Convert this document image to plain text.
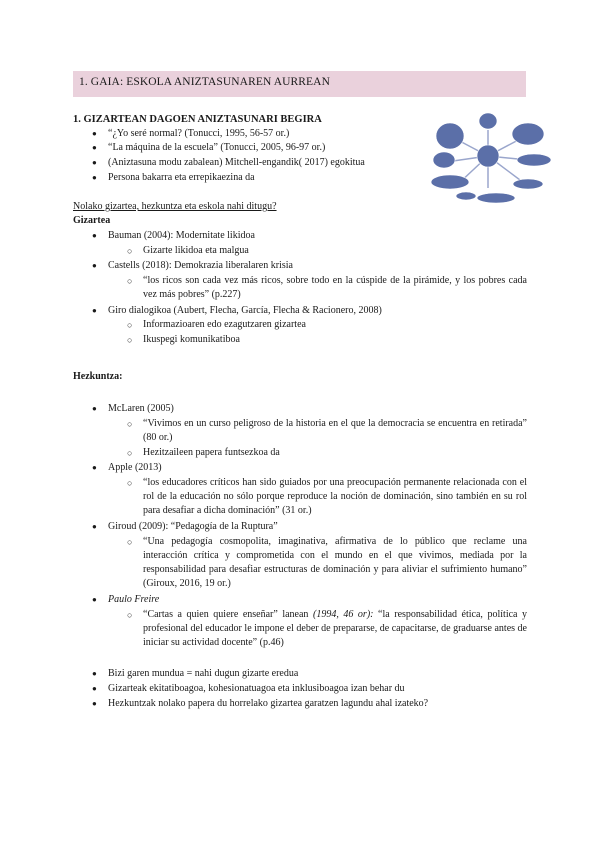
1. GAIA: ESKOLA ANIZTASUNAREN AURREAN
1. GIZARTEAN DAGOEN ANIZTASUNARI BEGIRA
● “¿Yo seré normal? (Tonucci, 1995, 56-57 or.)
● “La máquina de la escuela” (Tonucci, 2005, 96-97 or.)
● (Aniztasuna modu zabalean) Mitchell-engandik( 2017) egokitua
● Persona bakarra eta errepikaezina da
Nolako gizartea, hezkuntza eta eskola nahi ditugu?
Gizartea
● Bauman (2004): Modernitate likidoa
○ Gizarte likidoa eta malgua
● Castells (2018): Demokrazia liberalaren krisia
○ “los ricos son cada vez más ricos, sobre todo en la cúspide de la pirámide, y los pobres cada vez más pobres” (p.227)
● Giro dialogikoa (Aubert, Flecha, García, Flecha & Racionero, 2008)
○ Informazioaren edo ezagutzaren gizartea
○ Ikuspegi komunikatiboa
Hezkuntza:
● McLaren (2005)
○ “Vivimos en un curso peligroso de la historia en el que la democracia se encuentra en retirada” (80 or.)
○ Hezitzaileen papera funtsezkoa da
● Apple (2013)
○ “los educadores críticos han sido guiados por una preocupación permanente relacionada con el rol de la educación no sólo porque reproduce la noción de dominación, sino también en su rol para desafiar a dicha dominación” (31 or.)
● Giroud (2009): “Pedagogía de la Ruptura”
○ “Una pedagogía cosmopolita, imaginativa, afirmativa de lo público que reclame una interacción crítica y comprometida con el mundo en el que vivimos, mediada por la responsabilidad para desafiar estructuras de dominación y para aliviar el sufrimiento humano” (Giroux, 2016, 19 or.)
● Paulo Freire
○ “Cartas a quien quiere enseñar” lanean (1994, 46 or): “la responsabilidad ética, política y profesional del educador le impone el deber de prepararse, de capacitarse, de graduarse antes de iniciar su actividad docente” (p.46)
● Bizi garen mundua = nahi dugun gizarte eredua
● Gizarteak ekitatiboagoa, kohesionatuagoa eta inklusiboagoa izan behar du
● Hezkuntzak nolako papera du horrelako gizartea garatzen lagundu ahal izateko?
